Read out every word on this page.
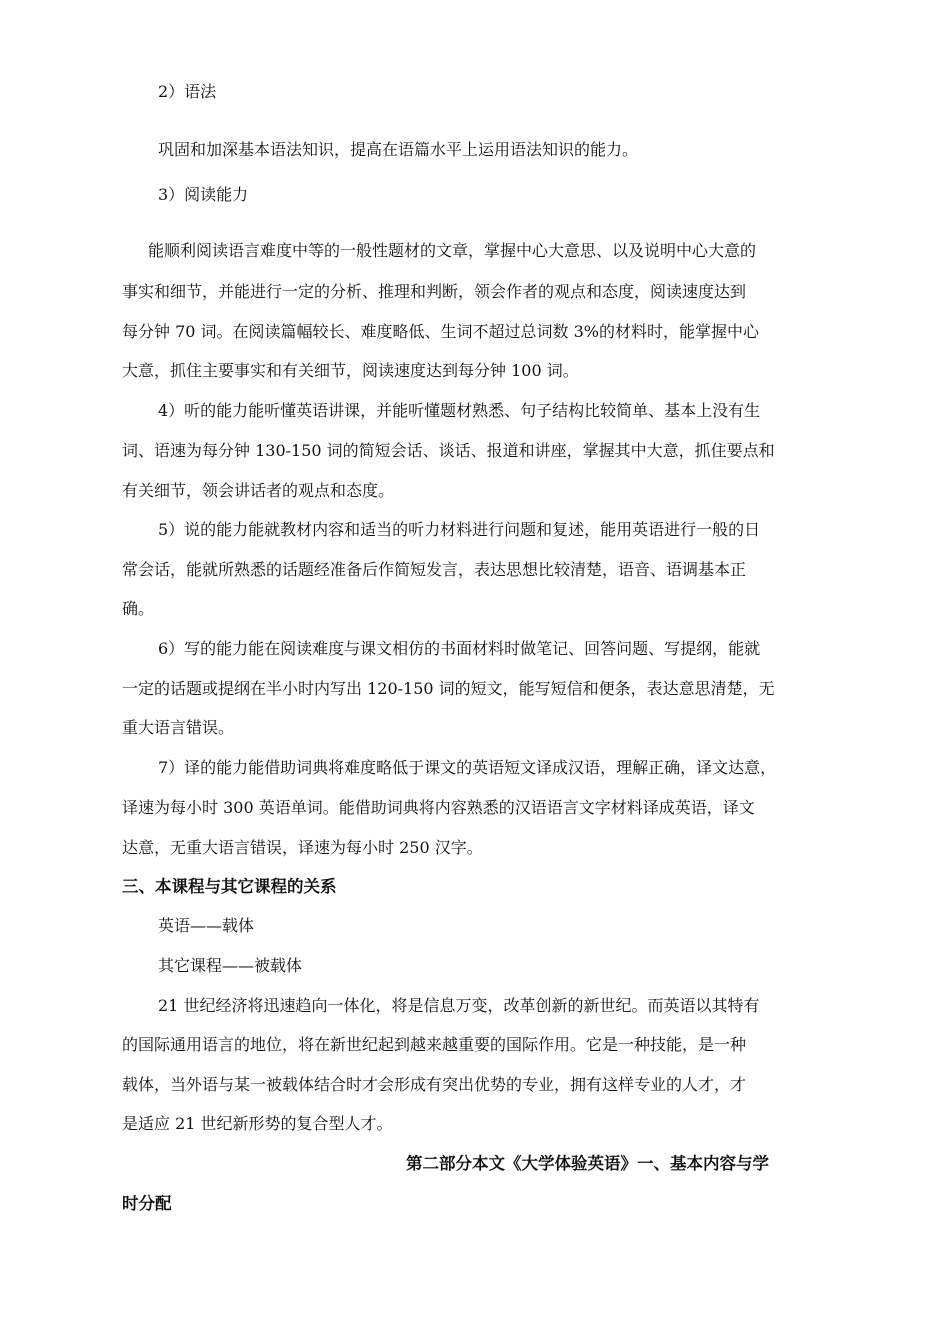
2）语法
巩固和加深基本语法知识，提高在语篇水平上运用语法知识的能力。
3）阅读能力
能顺利阅读语言难度中等的一般性题材的文章，掌握中心大意思、以及说明中心大意的
事实和细节，并能进行一定的分析、推理和判断，领会作者的观点和态度，阅读速度达到
每分钟 70 词。在阅读篇幅较长、难度略低、生词不超过总词数 3%的材料时，能掌握中心
大意，抓住主要事实和有关细节，阅读速度达到每分钟 100 词。
4）听的能力能听懂英语讲课，并能听懂题材熟悉、句子结构比较简单、基本上没有生
词、语速为每分钟 130-150 词的简短会话、谈话、报道和讲座，掌握其中大意，抓住要点和
有关细节，领会讲话者的观点和态度。
5）说的能力能就教材内容和适当的听力材料进行问题和复述，能用英语进行一般的日
常会话，能就所熟悉的话题经准备后作简短发言，表达思想比较清楚，语音、语调基本正
确。
6）写的能力能在阅读难度与课文相仿的书面材料时做笔记、回答问题、写提纲，能就
一定的话题或提纲在半小时内写出 120-150 词的短文，能写短信和便条，表达意思清楚，无
重大语言错误。
7）译的能力能借助词典将难度略低于课文的英语短文译成汉语，理解正确，译文达意，
译速为每小时 300 英语单词。能借助词典将内容熟悉的汉语语言文字材料译成英语，译文
达意，无重大语言错误，译速为每小时 250 汉字。
三、本课程与其它课程的关系
英语——载体
其它课程——被载体
21 世纪经济将迅速趋向一体化，将是信息万变，改革创新的新世纪。而英语以其特有
的国际通用语言的地位，将在新世纪起到越来越重要的国际作用。它是一种技能，是一种
载体，当外语与某一被载体结合时才会形成有突出优势的专业，拥有这样专业的人才，才
是适应 21 世纪新形势的复合型人才。
第二部分本文《大学体验英语》一、基本内容与学
时分配
